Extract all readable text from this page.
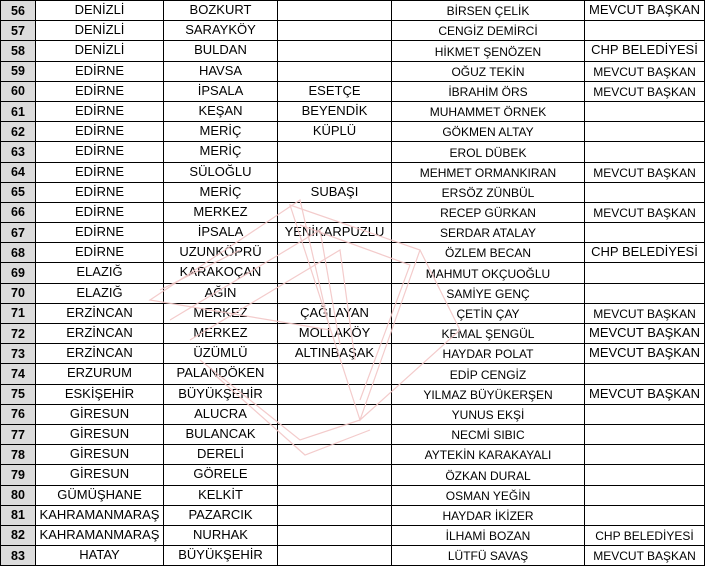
56	DENİZLİ	BOZKURT		BİRSEN ÇELİK	MEVCUT BAŞKAN
57	DENİZLİ	SARAYKÖY		CENGİZ DEMİRCİ	
58	DENİZLİ	BULDAN		HİKMET ŞENÖZEN	CHP BELEDİYESİ
59	EDİRNE	HAVSA		OĞUZ TEKİN	MEVCUT BAŞKAN
60	EDİRNE	İPSALA	ESETÇE	İBRAHİM ÖRS	MEVCUT BAŞKAN
61	EDİRNE	KEŞAN	BEYENDİK	MUHAMMET ÖRNEK	
62	EDİRNE	MERİÇ	KÜPLÜ	GÖKMEN ALTAY	
63	EDİRNE	MERİÇ		EROL DÜBEK	
64	EDİRNE	SÜLOĞLU		MEHMET ORMANKIRAN	MEVCUT BAŞKAN
65	EDİRNE	MERİÇ	SUBAŞI	ERSÖZ ZÜNBÜL	
66	EDİRNE	MERKEZ		RECEP GÜRKAN	MEVCUT BAŞKAN
67	EDİRNE	İPSALA	YENİKARPUZLU	SERDAR ATALAY	
68	EDİRNE	UZUNKÖPRÜ		ÖZLEM BECAN	CHP BELEDİYESİ
69	ELAZIĞ	KARAKOÇAN		MAHMUT OKÇUOĞLU	
70	ELAZIĞ	AĞIN		SAMİYE GENÇ	
71	ERZİNCAN	MERKEZ	ÇAĞLAYAN	ÇETİN ÇAY	MEVCUT BAŞKAN
72	ERZİNCAN	MERKEZ	MOLLAKÖY	KEMAL ŞENGÜL	MEVCUT BAŞKAN
73	ERZİNCAN	ÜZÜMLÜ	ALTINBAŞAK	HAYDAR POLAT	MEVCUT BAŞKAN
74	ERZURUM	PALANDÖKEN		EDİP CENGİZ	
75	ESKİŞEHİR	BÜYÜKŞEHİR		YILMAZ BÜYÜKERŞEN	MEVCUT BAŞKAN
76	GİRESUN	ALUCRA		YUNUS EKŞİ	
77	GİRESUN	BULANCAK		NECMİ SIBIC	
78	GİRESUN	DERELİ		AYTEKİN KARAKAYALI	
79	GİRESUN	GÖRELE		ÖZKAN DURAL	
80	GÜMÜŞHANE	KELKİT		OSMAN YEĞİN	
81	KAHRAMANMARAŞ	PAZARCIK		HAYDAR İKİZER	
82	KAHRAMANMARAŞ	NURHAK		İLHAMİ BOZAN	CHP BELEDİYESİ
83	HATAY	BÜYÜKŞEHİR		LÜTFÜ SAVAŞ	MEVCUT BAŞKAN
